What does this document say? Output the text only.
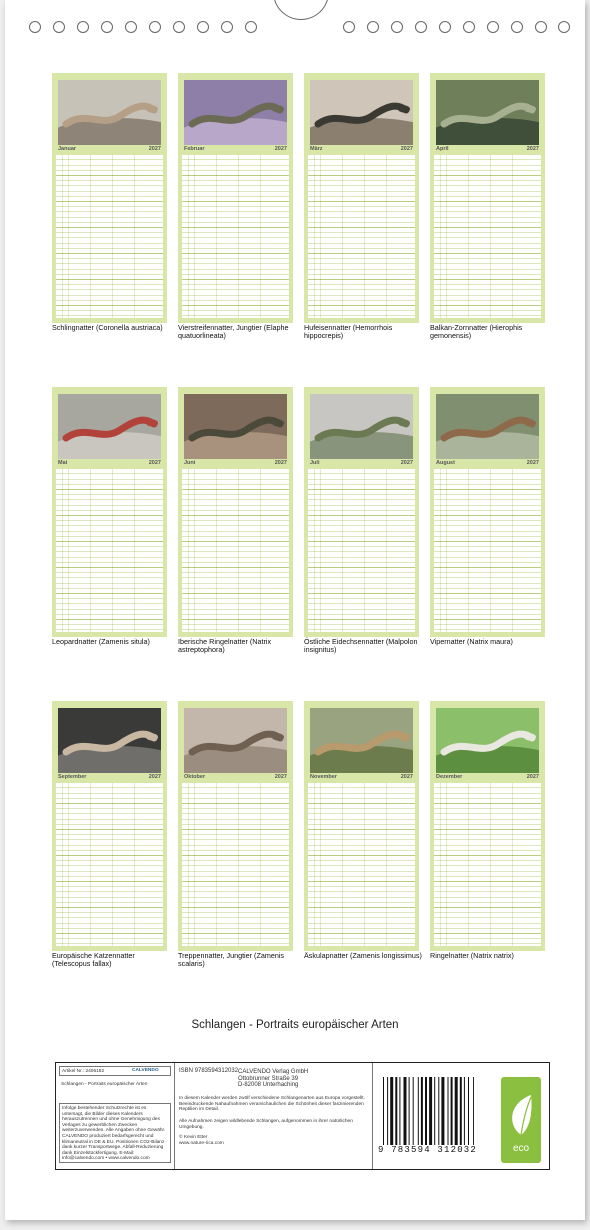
Januar	2027
Schlingnatter (Coronella austriaca)
Februar	2027
Vierstreifennatter, Jungtier (Elaphe quatuorlineata)
März	2027
Hufeisennatter (Hemorrhois hippocrepis)
April	2027
Balkan-Zornnatter (Hierophis gemonensis)
Mai	2027
Leopardnatter (Zamenis situla)
Juni	2027
Iberische Ringelnatter (Natrix astreptophora)
Juli	2027
Östliche Eidechsennatter (Malpolon insignitus)
August	2027
Vipernatter (Natrix maura)
September	2027
Europäische Katzennatter (Telescopus fallax)
Oktober	2027
Treppennatter, Jungtier (Zamenis scalaris)
November	2027
Äskulapnatter (Zamenis longissimus)
Dezember	2027
Ringelnatter (Natrix natrix)
Schlangen - Portraits europäischer Arten
Artikel Nr.: 2406182	CALVENDO
Schlangen - Portraits europäischer Arten
Infolge bestehender Schutzrechte ist es untersagt, die Bilder dieses Kalenders herauszutrennen und ohne Genehmigung des Verlages zu gewerblichen Zwecken weiterzuverwenden. Alle Angaben ohne Gewähr. CALVENDO produziert bedarfsgerecht und klimaneutral in DE & EU. Positionen CO2-Bilanz dank kurzer Transportwege. Abfall-Reduzierung dank Einzelstückfertigung. E-Mail: info@calvendo.com • www.calvendo.com
ISBN 9783594312032 CALVENDO Verlag GmbH
Ottobrunner Straße 39
D-82008 Unterhaching
In diesem Kalender werden zwölf verschiedene Schlangenarten aus Europa vorgestellt. Beeindruckende Nahaufnahmen veranschaulichen die Schönheit dieser faszinierenden Reptilien im Detail.
Alle Aufnahmen zeigen wildlebende Schlangen, aufgenommen in ihrer natürlichen Umgebung.
© Kevin Etter
www.nature-rica.com
9 783594 312032	eco
